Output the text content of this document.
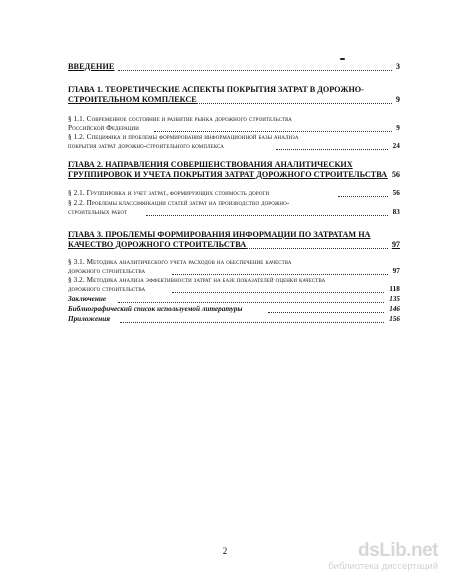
ВВЕДЕНИЕ	3
ГЛАВА 1. ТЕОРЕТИЧЕСКИЕ АСПЕКТЫ ПОКРЫТИЯ ЗАТРАТ В ДОРОЖНО-
СТРОИТЕЛЬНОМ КОМПЛЕКСЕ	9
§ 1.1. Современное состояние и развитие рынка дорожного строительства
Российской Федерации	9
§ 1.2. Специфика и проблемы формирования информационной базы анализа
покрытия затрат дорожно-строительного комплекса	24
ГЛАВА 2. НАПРАВЛЕНИЯ СОВЕРШЕНСТВОВАНИЯ АНАЛИТИЧЕСКИХ
ГРУППИРОВОК И УЧЕТА ПОКРЫТИЯ ЗАТРАТ ДОРОЖНОГО СТРОИТЕЛЬСТВА 56
§ 2.1. Группировка и учет затрат, формирующих стоимость дороги	56
§ 2.2. Проблемы классификации статей затрат на производство дорожно-
строительных работ	83
ГЛАВА 3. ПРОБЛЕМЫ ФОРМИРОВАНИЯ ИНФОРМАЦИИ ПО ЗАТРАТАМ НА
КАЧЕСТВО ДОРОЖНОГО СТРОИТЕЛЬСТВА	97
§ 3.1. Методика аналитического учета расходов на обеспечение качества
дорожного строительства	97
§ 3.2. Методика анализа эффективности затрат на базе показателей оценки качества
дорожного строительства	118
Заключение	135
Библиографический список используемой литературы	146
Приложения	156
2	dsLib.net
библиотека диссертаций
